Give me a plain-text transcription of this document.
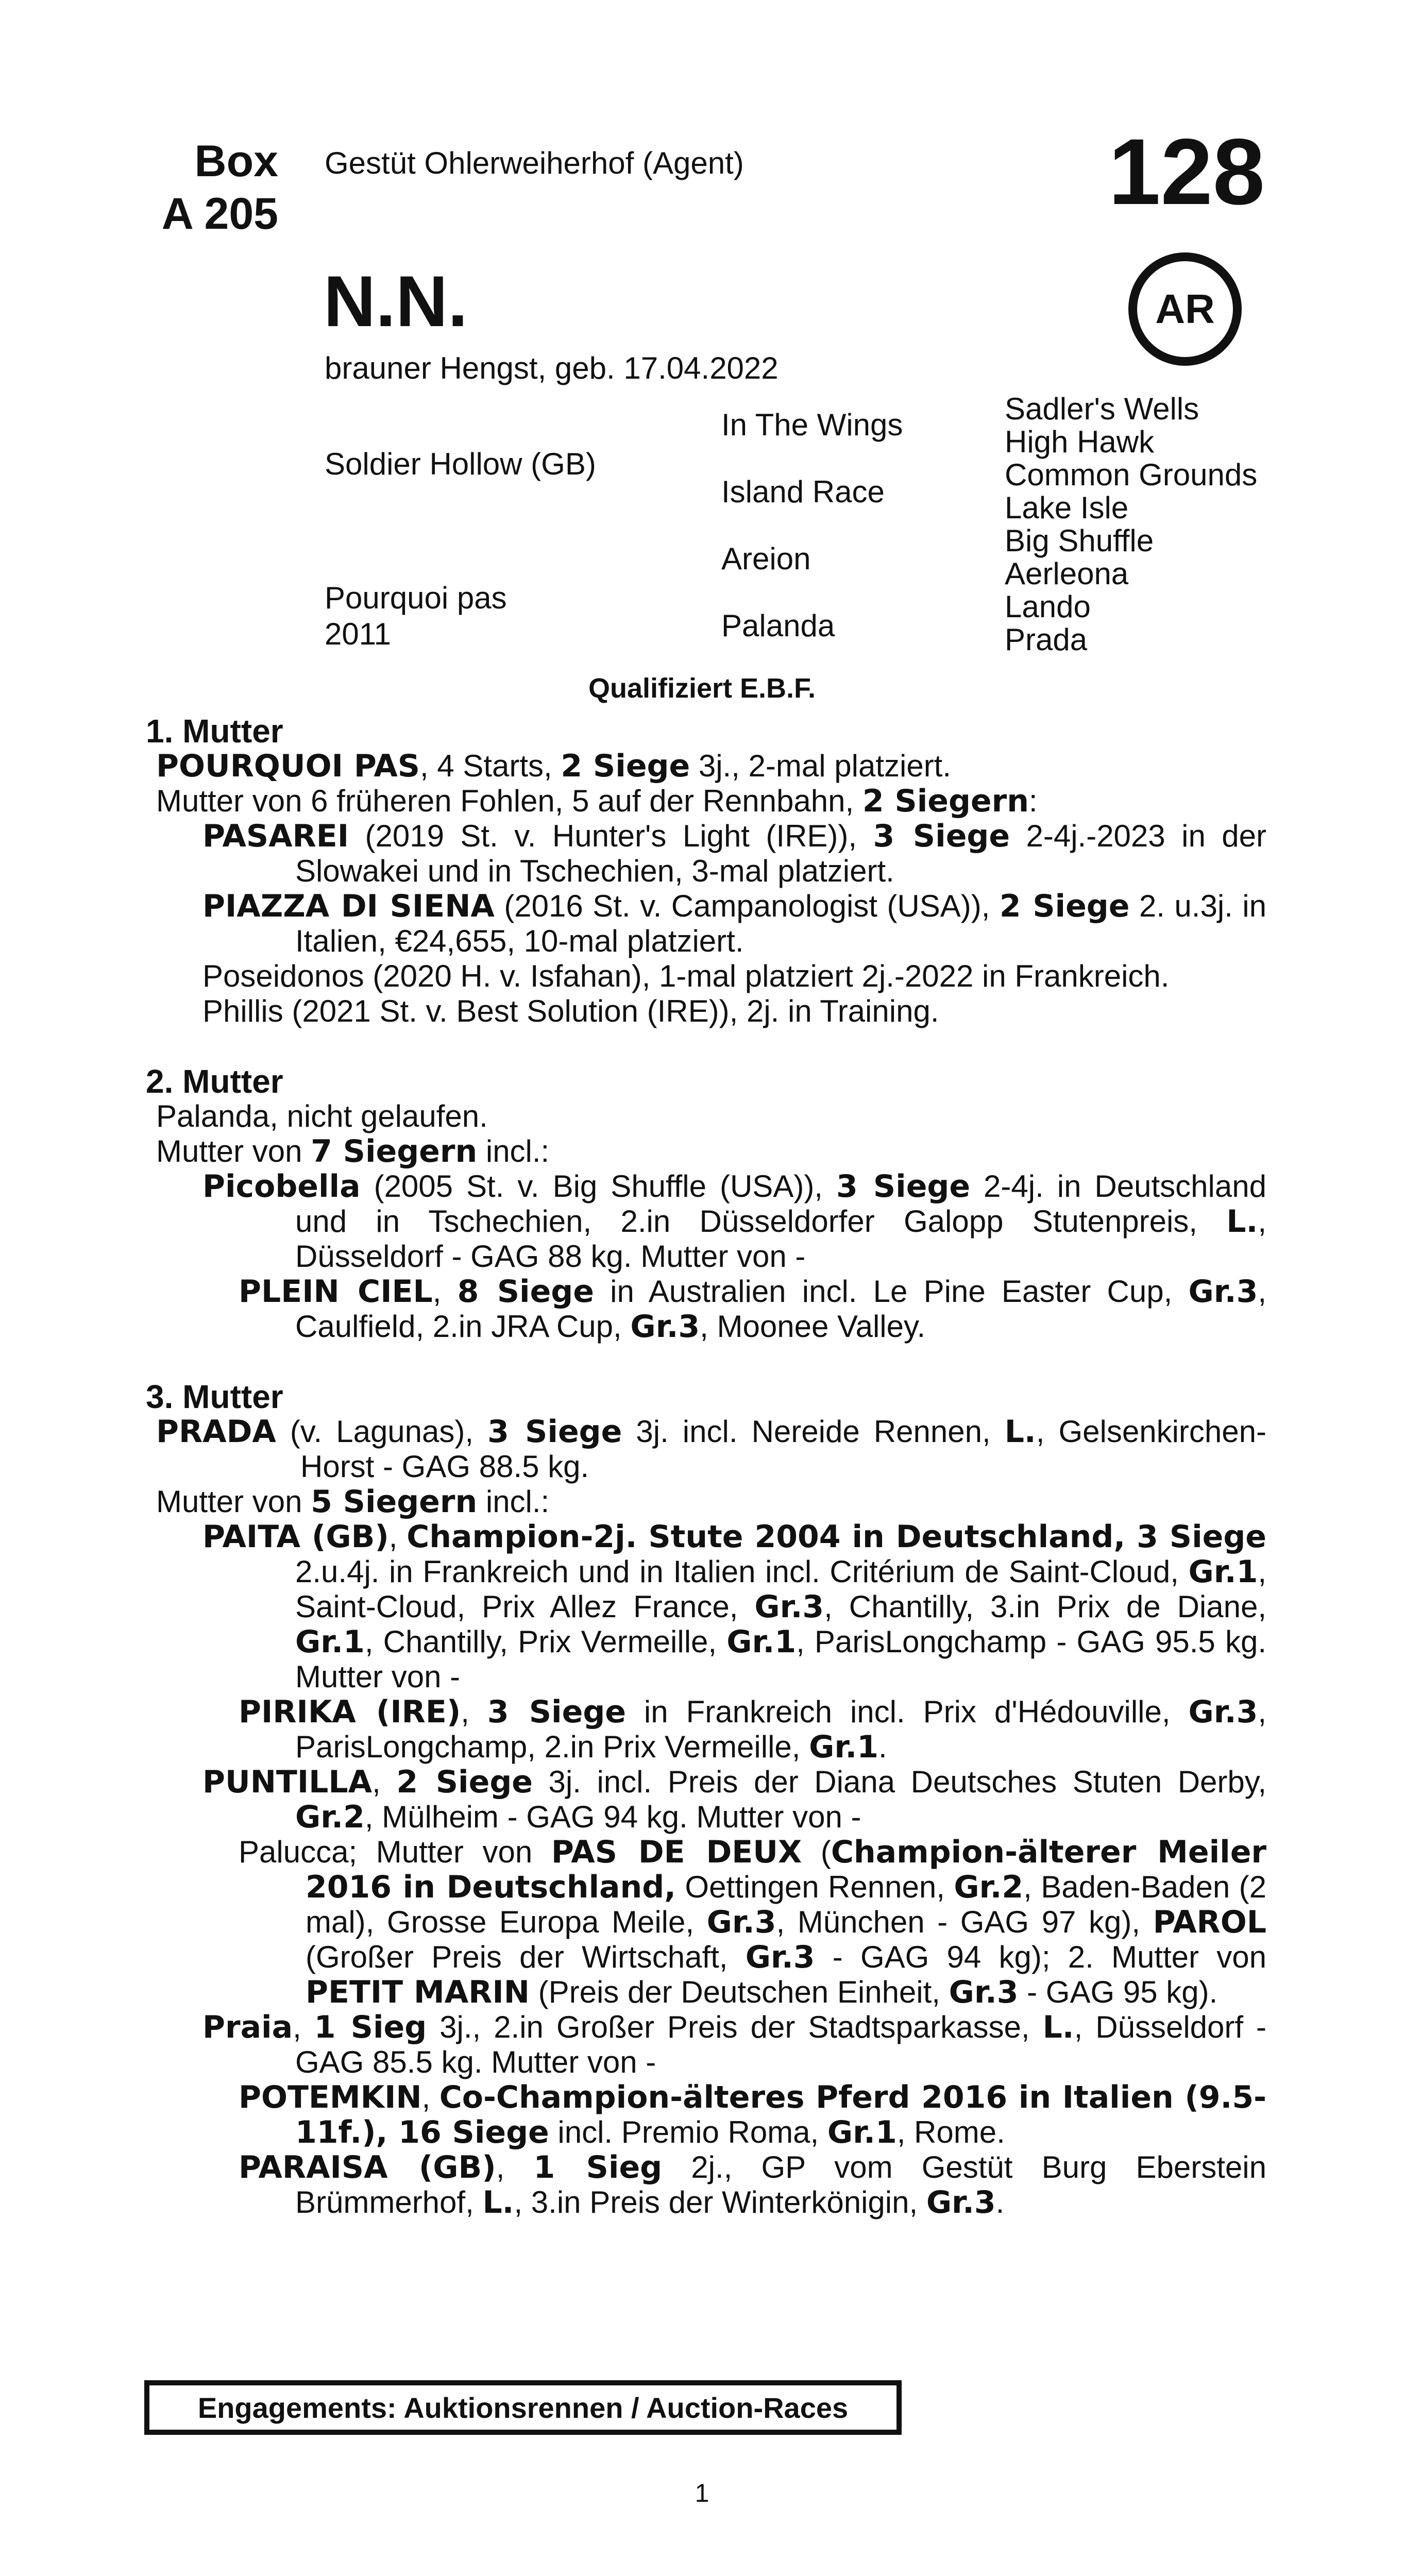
Box
A 205
Gestüt Ohlerweiherhof (Agent)	128
N.N.	AR
brauner Hengst, geb. 17.04.2022
Soldier Hollow (GB)
Pourquoi pas
2011
In The Wings
Island Race
Areion
Palanda
Sadler's Wells
High Hawk
Common Grounds
Lake Isle
Big Shuffle
Aerleona
Lando
Prada
Qualifiziert E.B.F.

1. Mutter

POURQUOI PAS, 4 Starts, 2 Siege 3j., 2-mal platziert.

Mutter von 6 früheren Fohlen, 5 auf der Rennbahn, 2 Siegern:

PASAREI (2019 St. v. Hunter's Light (IRE)), 3 Siege 2-4j.-2023 in der Slowakei und in Tschechien, 3-mal platziert.

PIAZZA DI SIENA (2016 St. v. Campanologist (USA)), 2 Siege 2. u.3j. in Italien, €24,655, 10-mal platziert.

Poseidonos (2020 H. v. Isfahan), 1-mal platziert 2j.-2022 in Frankreich.

Phillis (2021 St. v. Best Solution (IRE)), 2j. in Training.

2. Mutter

Palanda, nicht gelaufen.

Mutter von 7 Siegern incl.:

Picobella (2005 St. v. Big Shuffle (USA)), 3 Siege 2-4j. in Deutschland und in Tschechien, 2.in Düsseldorfer Galopp Stutenpreis, L., Düsseldorf - GAG 88 kg. Mutter von -

PLEIN CIEL, 8 Siege in Australien incl. Le Pine Easter Cup, Gr.3, Caulfield, 2.in JRA Cup, Gr.3, Moonee Valley.

3. Mutter

PRADA (v. Lagunas), 3 Siege 3j. incl. Nereide Rennen, L., Gelsenkirchen-Horst - GAG 88.5 kg.

Mutter von 5 Siegern incl.:

PAITA (GB), Champion-2j. Stute 2004 in Deutschland, 3 Siege 2.u.4j. in Frankreich und in Italien incl. Critérium de Saint-Cloud, Gr.1, Saint-Cloud, Prix Allez France, Gr.3, Chantilly, 3.in Prix de Diane, Gr.1, Chantilly, Prix Vermeille, Gr.1, ParisLongchamp - GAG 95.5 kg. Mutter von -

PIRIKA (IRE), 3 Siege in Frankreich incl. Prix d'Hédouville, Gr.3, ParisLongchamp, 2.in Prix Vermeille, Gr.1.

PUNTILLA, 2 Siege 3j. incl. Preis der Diana Deutsches Stuten Derby, Gr.2, Mülheim - GAG 94 kg. Mutter von -

Palucca; Mutter von PAS DE DEUX (Champion-älterer Meiler 2016 in Deutschland, Oettingen Rennen, Gr.2, Baden-Baden (2 mal), Grosse Europa Meile, Gr.3, München - GAG 97 kg), PAROL (Großer Preis der Wirtschaft, Gr.3 - GAG 94 kg); 2. Mutter von PETIT MARIN (Preis der Deutschen Einheit, Gr.3 - GAG 95 kg).

Praia, 1 Sieg 3j., 2.in Großer Preis der Stadtsparkasse, L., Düsseldorf - GAG 85.5 kg. Mutter von -

POTEMKIN, Co-Champion-älteres Pferd 2016 in Italien (9.5-11f.), 16 Siege incl. Premio Roma, Gr.1, Rome.

PARAISA (GB), 1 Sieg 2j., GP vom Gestüt Burg Eberstein Brümmerhof, L., 3.in Preis der Winterkönigin, Gr.3.

Engagements: Auktionsrennen / Auction-Races
1
